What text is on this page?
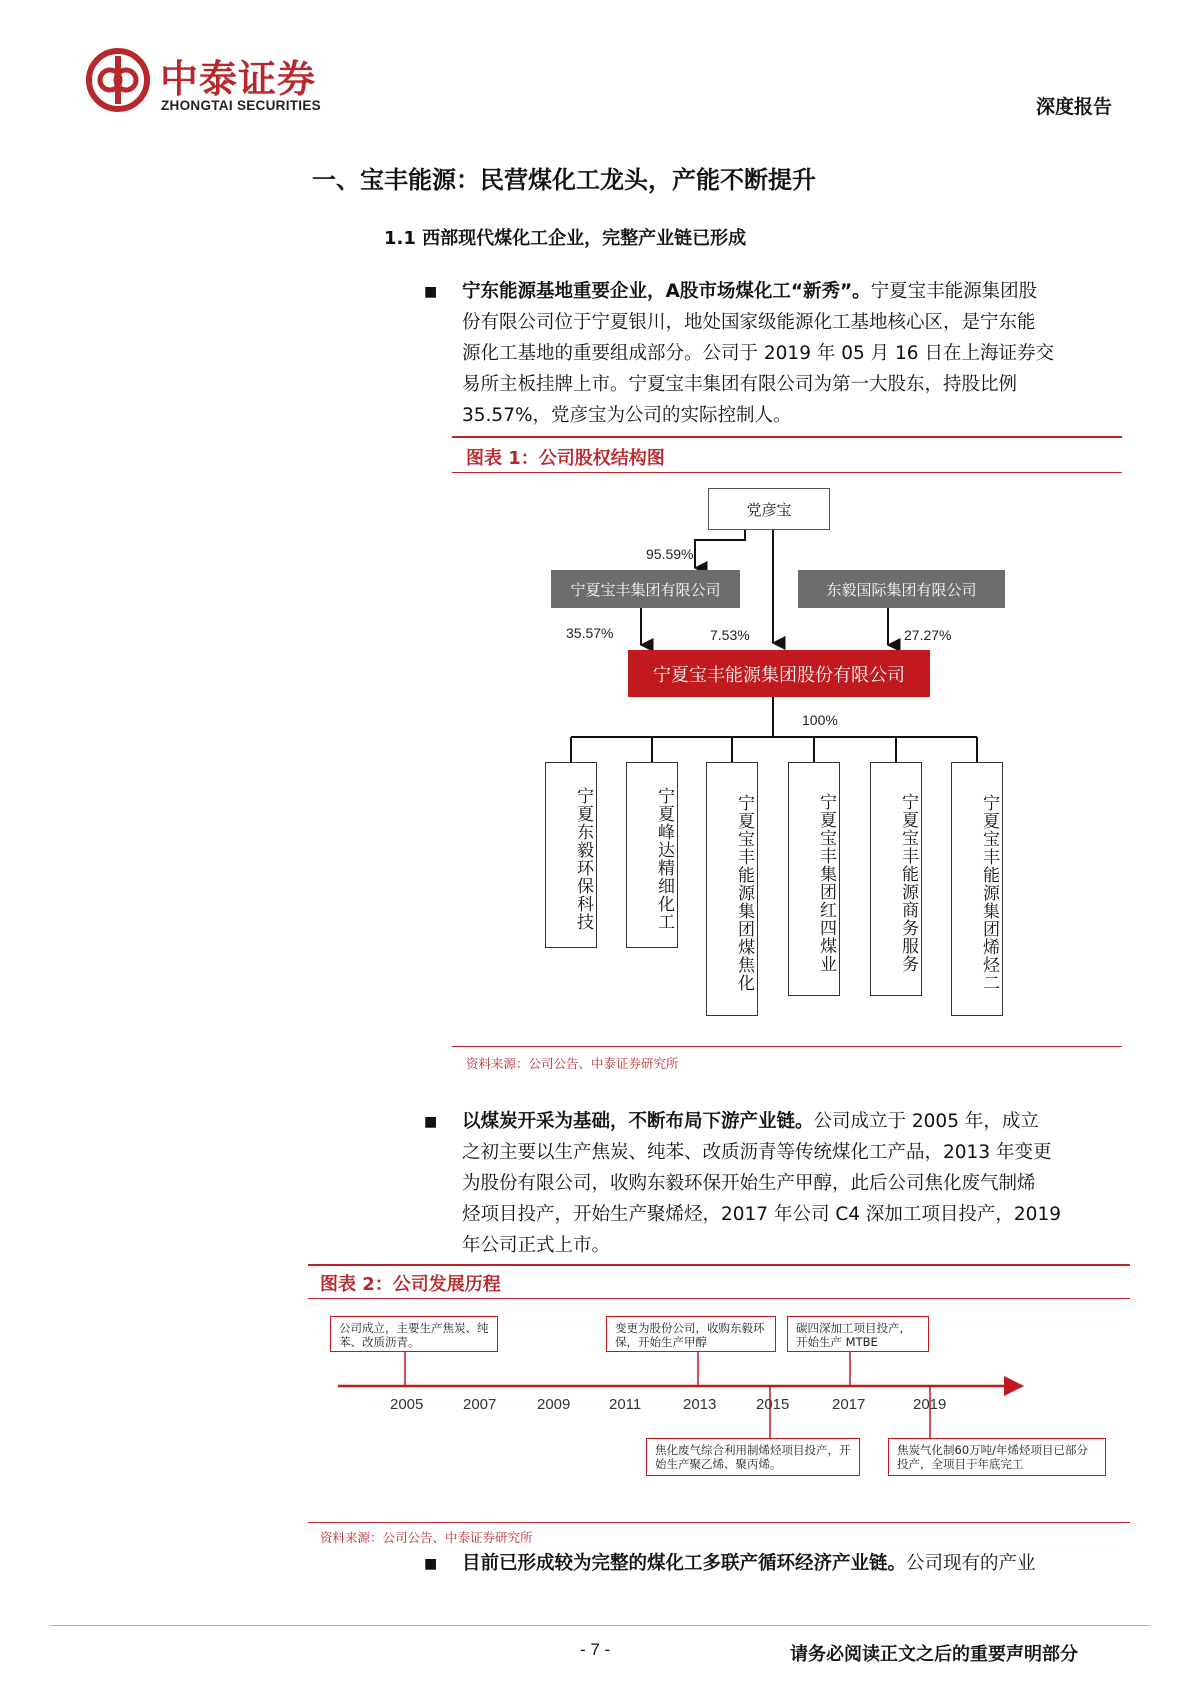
中泰证券
ZHONGTAI SECURITIES	深度报告
一、宝丰能源：民营煤化工龙头，产能不断提升
1.1 西部现代煤化工企业，完整产业链已形成
■ 宁东能源基地重要企业，A股市场煤化工“新秀”。宁夏宝丰能源集团股
份有限公司位于宁夏银川，地处国家级能源化工基地核心区，是宁东能
源化工基地的重要组成部分。公司于 2019 年 05 月 16 日在上海证券交
易所主板挂牌上市。宁夏宝丰集团有限公司为第一大股东，持股比例
35.57%，党彦宝为公司的实际控制人。
图表 1：公司股权结构图
党彦宝
宁夏宝丰集团有限公司	东毅国际集团有限公司
宁夏宝丰能源集团股份有限公司
95.59%
35.57%	7.53%	27.27%
100%
宁夏东毅环保科技	宁夏峰达精细化工	宁夏宝丰能源集团煤焦化	宁夏宝丰集团红四煤业	宁夏宝丰能源商务服务	宁夏宝丰能源集团烯烃二
资料来源：公司公告、中泰证券研究所
■ 以煤炭开采为基础，不断布局下游产业链。公司成立于 2005 年，成立
之初主要以生产焦炭、纯苯、改质沥青等传统煤化工产品，2013 年变更
为股份有限公司，收购东毅环保开始生产甲醇，此后公司焦化废气制烯
烃项目投产，开始生产聚烯烃，2017 年公司 C4 深加工项目投产，2019
年公司正式上市。
图表 2：公司发展历程
公司成立，主要生产焦炭、纯苯、改质沥青。
变更为股份公司，收购东毅环保，开始生产甲醇
碳四深加工项目投产，开始生产 MTBE
焦化废气综合利用制烯烃项目投产，开始生产聚乙烯、聚丙烯。
焦炭气化制60万吨/年烯烃项目已部分投产，全项目于年底完工
2005	2007	2009	2011	2013	2015	2017	2019
资料来源：公司公告、中泰证券研究所
■ 目前已形成较为完整的煤化工多联产循环经济产业链。公司现有的产业
- 7 -	请务必阅读正文之后的重要声明部分
